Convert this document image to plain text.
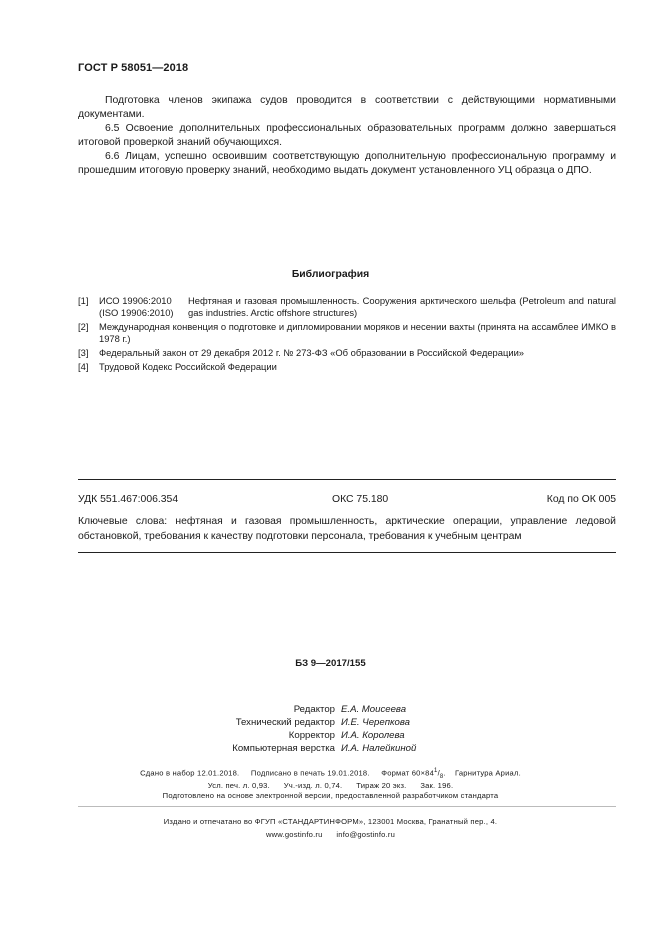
ГОСТ Р 58051—2018

Подготовка членов экипажа судов проводится в соответствии с действующими нормативными документами.

6.5 Освоение дополнительных профессиональных образовательных программ должно завершаться итоговой проверкой знаний обучающихся.

6.6 Лицам, успешно освоившим соответствующую дополнительную профессиональную программу и прошедшим итоговую проверку знаний, необходимо выдать документ установленного УЦ образца о ДПО.

Библиография
[1] ИСО 19906:2010
(ISO 19906:2010)
Нефтяная и газовая промышленность. Сооружения арктического шельфа (Petroleum and natural gas industries. Arctic offshore structures)
[2] Международная конвенция о подготовке и дипломировании моряков и несении вахты (принята на ассамблее ИМКО в 1978 г.)
[3] Федеральный закон от 29 декабря 2012 г. № 273-ФЗ «Об образовании в Российской Федерации»
[4] Трудовой Кодекс Российской Федерации
УДК 551.467:006.354	ОКС 75.180	Код по ОК 005

Ключевые слова: нефтяная и газовая промышленность, арктические операции, управление ледовой обстановкой, требования к качеству подготовки персонала, требования к учебным центрам

БЗ 9—2017/155
Редактор Е.А. Моисеева
Технический редактор И.Е. Черепкова
Корректор И.А. Королева
Компьютерная верстка И.А. Налейкиной
Сдано в набор 12.01.2018. Подписано в печать 19.01.2018. Формат $60\times 84^1/_8$.    Гарнитура Ариал.
Усл. печ. л. 0,93. Уч.-изд. л. 0,74. Тираж 20 экз. Зак. 196.
Подготовлено на основе электронной версии, предоставленной разработчиком стандарта
Издано и отпечатано во ФГУП «СТАНДАРТИНФОРМ», 123001 Москва, Гранатный пер., 4.
www.gostinfo.ru info@gostinfo.ru
